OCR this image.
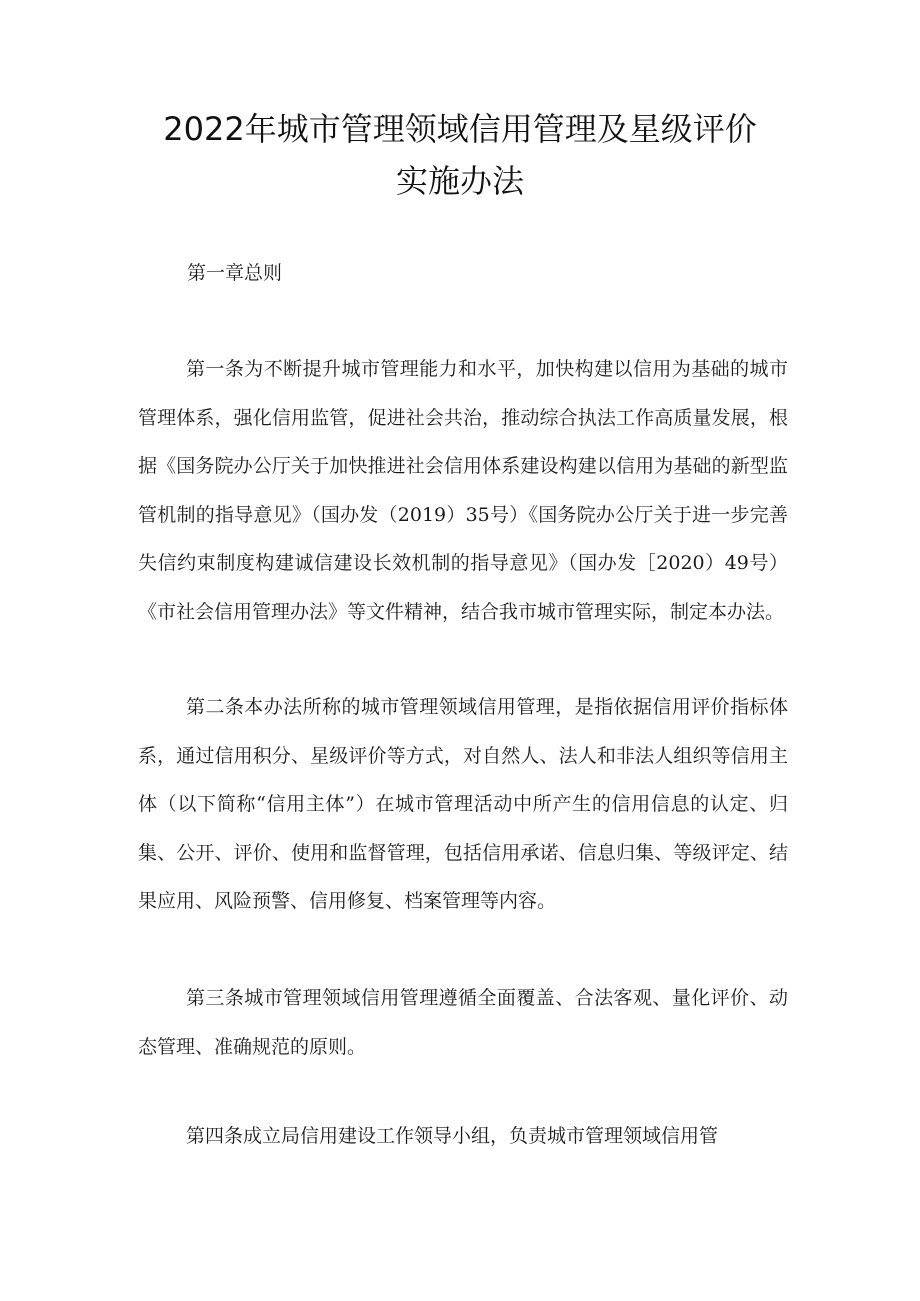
2022年城市管理领域信用管理及星级评价
实施办法

第一章总则

第一条为不断提升城市管理能力和水平，加快构建以信用为基础的城市管理体系，强化信用监管，促进社会共治，推动综合执法工作高质量发展，根据《国务院办公厅关于加快推进社会信用体系建设构建以信用为基础的新型监管机制的指导意见》（国办发（2019）35号）《国务院办公厅关于进一步完善失信约束制度构建诚信建设长效机制的指导意见》（国办发［2020）49号）《市社会信用管理办法》等文件精神，结合我市城市管理实际，制定本办法。

第二条本办法所称的城市管理领域信用管理，是指依据信用评价指标体系，通过信用积分、星级评价等方式，对自然人、法人和非法人组织等信用主体（以下简称“信用主体”）在城市管理活动中所产生的信用信息的认定、归集、公开、评价、使用和监督管理，包括信用承诺、信息归集、等级评定、结果应用、风险预警、信用修复、档案管理等内容。

第三条城市管理领域信用管理遵循全面覆盖、合法客观、量化评价、动态管理、准确规范的原则。

第四条成立局信用建设工作领导小组，负责城市管理领域信用管
